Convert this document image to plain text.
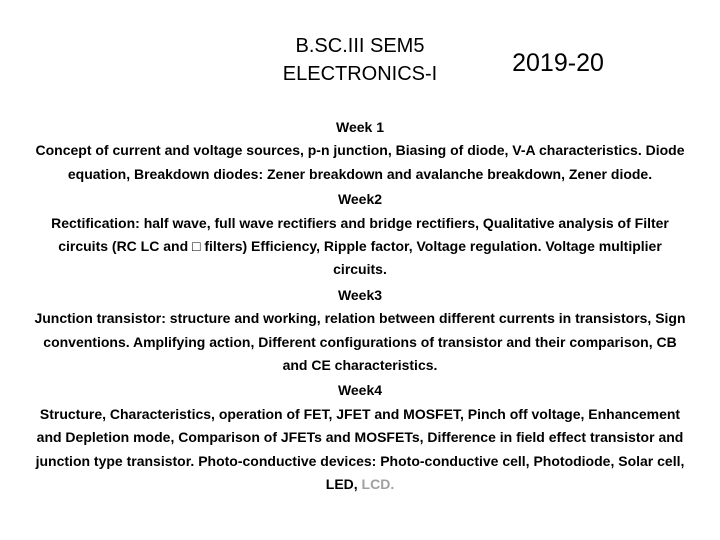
B.SC.III SEM5
ELECTRONICS-I	2019-20

Week 1

Concept of current and voltage sources, p-n junction, Biasing of diode, V-A characteristics. Diode equation, Breakdown diodes: Zener breakdown and avalanche breakdown, Zener diode.

Week2

Rectification: half wave, full wave rectifiers and bridge rectifiers, Qualitative analysis of Filter circuits (RC LC and □ filters) Efficiency, Ripple factor, Voltage regulation. Voltage multiplier circuits.

Week3

Junction transistor: structure and working, relation between different currents in transistors, Sign conventions. Amplifying action, Different configurations of transistor and their comparison, CB and CE characteristics.

Week4

Structure, Characteristics, operation of FET, JFET and MOSFET, Pinch off voltage, Enhancement and Depletion mode, Comparison of JFETs and MOSFETs, Difference in field effect transistor and junction type transistor. Photo-conductive devices: Photo-conductive cell, Photodiode, Solar cell, LED, LCD.
